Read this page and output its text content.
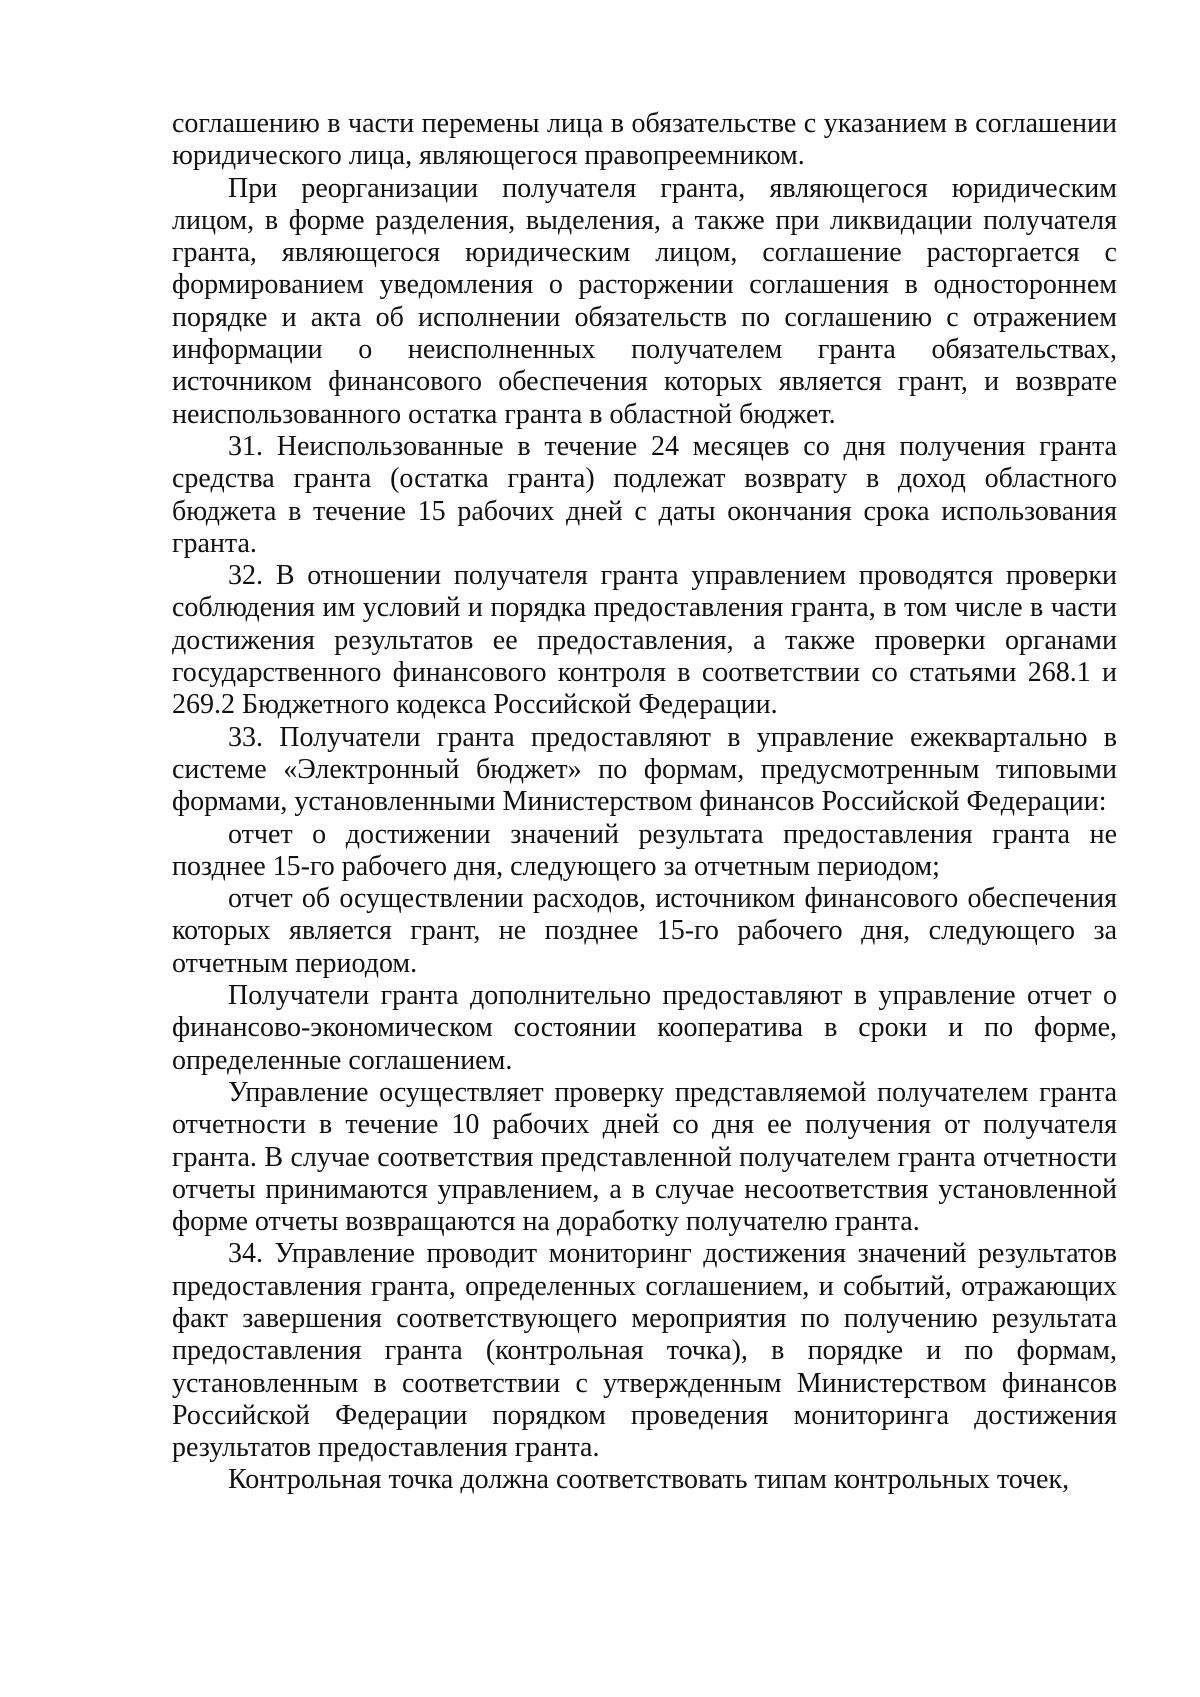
соглашению в части перемены лица в обязательстве с указанием в соглашении юридического лица, являющегося правопреемником.

При реорганизации получателя гранта, являющегося юридическим лицом, в форме разделения, выделения, а также при ликвидации получателя гранта, являющегося юридическим лицом, соглашение расторгается с формированием уведомления о расторжении соглашения в одностороннем порядке и акта об исполнении обязательств по соглашению с отражением информации о неисполненных получателем гранта обязательствах, источником финансового обеспечения которых является грант, и возврате неиспользованного остатка гранта в областной бюджет.

31. Неиспользованные в течение 24 месяцев со дня получения гранта средства гранта (остатка гранта) подлежат возврату в доход областного бюджета в течение 15 рабочих дней с даты окончания срока использования гранта.

32. В отношении получателя гранта управлением проводятся проверки соблюдения им условий и порядка предоставления гранта, в том числе в части достижения результатов ее предоставления, а также проверки органами государственного финансового контроля в соответствии со статьями 268.1 и 269.2 Бюджетного кодекса Российской Федерации.

33. Получатели гранта предоставляют в управление ежеквартально в системе «Электронный бюджет» по формам, предусмотренным типовыми формами, установленными Министерством финансов Российской Федерации:

отчет о достижении значений результата предоставления гранта не позднее 15-го рабочего дня, следующего за отчетным периодом;

отчет об осуществлении расходов, источником финансового обеспечения которых является грант, не позднее 15-го рабочего дня, следующего за отчетным периодом.

Получатели гранта дополнительно предоставляют в управление отчет о финансово-экономическом состоянии кооператива в сроки и по форме, определенные соглашением.

Управление осуществляет проверку представляемой получателем гранта отчетности в течение 10 рабочих дней со дня ее получения от получателя гранта. В случае соответствия представленной получателем гранта отчетности отчеты принимаются управлением, а в случае несоответствия установленной форме отчеты возвращаются на доработку получателю гранта.

34. Управление проводит мониторинг достижения значений результатов предоставления гранта, определенных соглашением, и событий, отражающих факт завершения соответствующего мероприятия по получению результата предоставления гранта (контрольная точка), в порядке и по формам, установленным в соответствии с утвержденным Министерством финансов Российской Федерации порядком проведения мониторинга достижения результатов предоставления гранта.

Контрольная точка должна соответствовать типам контрольных точек,
